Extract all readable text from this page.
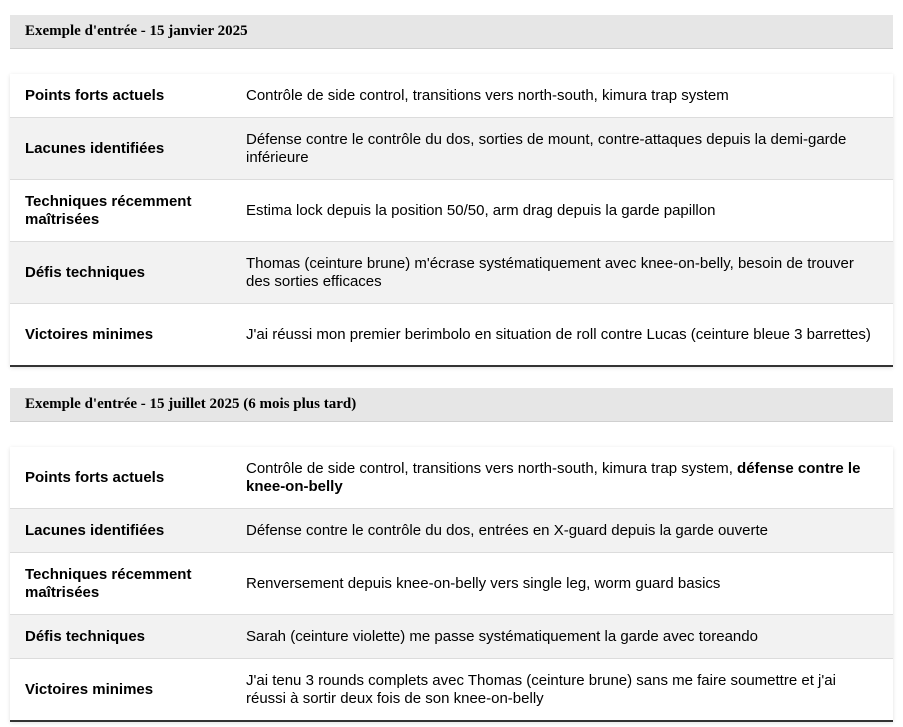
Exemple d'entrée - 15 janvier 2025
Points forts actuels	Contrôle de side control, transitions vers north-south, kimura trap system
Lacunes identifiées	Défense contre le contrôle du dos, sorties de mount, contre-attaques depuis la demi-garde inférieure
Techniques récemment maîtrisées	Estima lock depuis la position 50/50, arm drag depuis la garde papillon
Défis techniques	Thomas (ceinture brune) m'écrase systématiquement avec knee-on-belly, besoin de trouver des sorties efficaces
Victoires minimes	J'ai réussi mon premier berimbolo en situation de roll contre Lucas (ceinture bleue 3 barrettes)
Exemple d'entrée - 15 juillet 2025 (6 mois plus tard)
Points forts actuels	Contrôle de side control, transitions vers north-south, kimura trap system, défense contre le knee-on-belly
Lacunes identifiées	Défense contre le contrôle du dos, entrées en X-guard depuis la garde ouverte
Techniques récemment maîtrisées	Renversement depuis knee-on-belly vers single leg, worm guard basics
Défis techniques	Sarah (ceinture violette) me passe systématiquement la garde avec toreando
Victoires minimes	J'ai tenu 3 rounds complets avec Thomas (ceinture brune) sans me faire soumettre et j'ai réussi à sortir deux fois de son knee-on-belly
